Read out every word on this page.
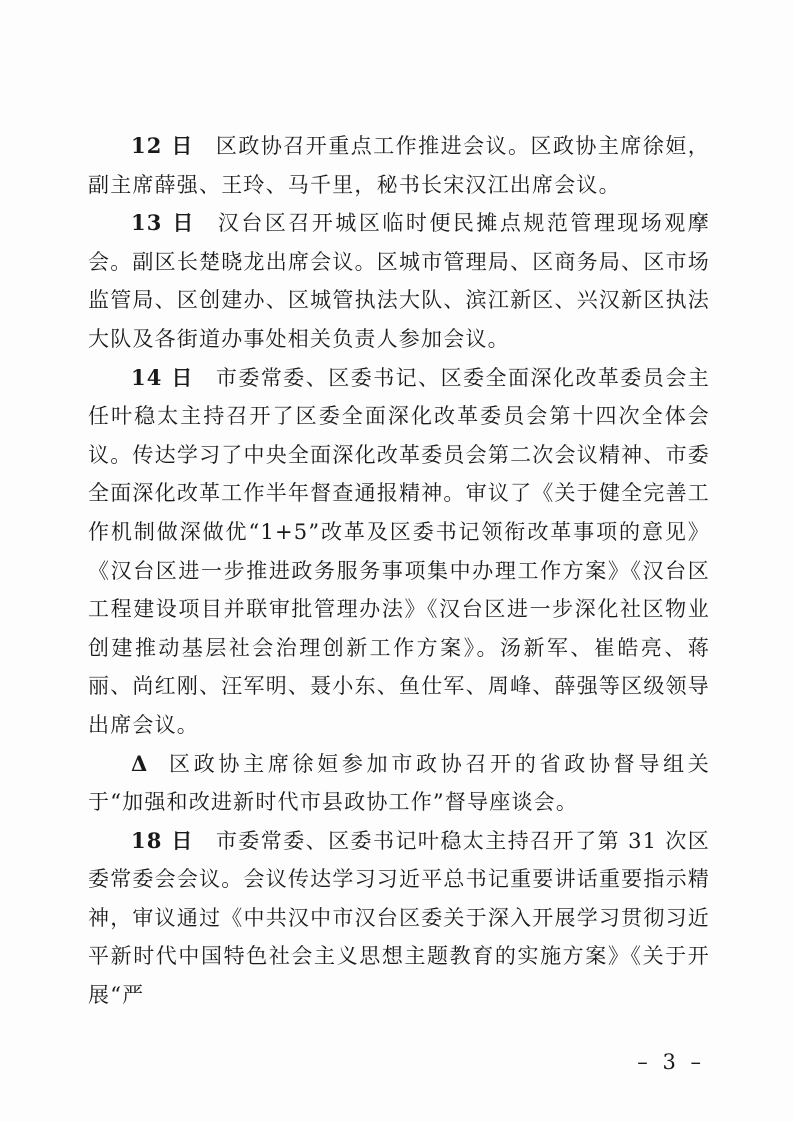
12 日 区政协召开重点工作推进会议。区政协主席徐姮，副主席薛强、王玲、马千里，秘书长宋汉江出席会议。

13 日 汉台区召开城区临时便民摊点规范管理现场观摩会。副区长楚晓龙出席会议。区城市管理局、区商务局、区市场监管局、区创建办、区城管执法大队、滨江新区、兴汉新区执法大队及各街道办事处相关负责人参加会议。

14 日 市委常委、区委书记、区委全面深化改革委员会主任叶稳太主持召开了区委全面深化改革委员会第十四次全体会议。传达学习了中央全面深化改革委员会第二次会议精神、市委全面深化改革工作半年督查通报精神。审议了《关于健全完善工作机制做深做优“1+5”改革及区委书记领衔改革事项的意见》《汉台区进一步推进政务服务事项集中办理工作方案》《汉台区工程建设项目并联审批管理办法》《汉台区进一步深化社区物业创建推动基层社会治理创新工作方案》。汤新军、崔皓亮、蒋丽、尚红刚、汪军明、聂小东、鱼仕军、周峰、薛强等区级领导出席会议。

Δ 区政协主席徐姮参加市政协召开的省政协督导组关于“加强和改进新时代市县政协工作”督导座谈会。

18 日 市委常委、区委书记叶稳太主持召开了第 31 次区委常委会会议。会议传达学习习近平总书记重要讲话重要指示精神，审议通过《中共汉中市汉台区委关于深入开展学习贯彻习近平新时代中国特色社会主义思想主题教育的实施方案》《关于开展“严

– 3 –
